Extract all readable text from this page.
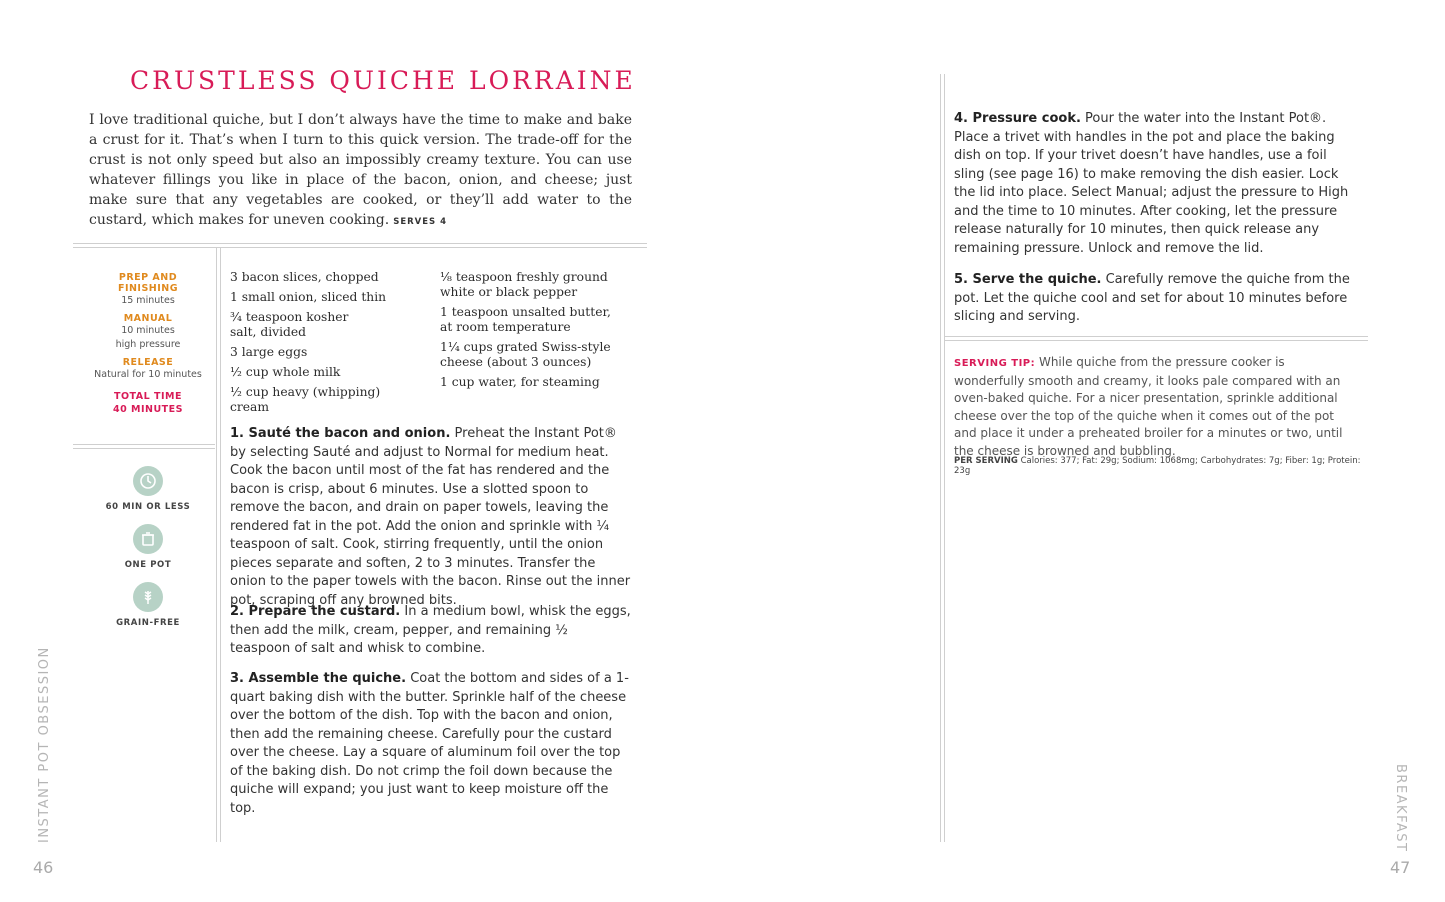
CRUSTLESS QUICHE LORRAINE
I love traditional quiche, but I don’t always have the time to make and bake a crust for it. That’s when I turn to this quick version. The trade-off for the crust is not only speed but also an impossibly creamy texture. You can use whatever fillings you like in place of the bacon, onion, and cheese; just make sure that any vegetables are cooked, or they’ll add water to the custard, which makes for uneven cooking. SERVES 4
PREP AND FINISHING
15 minutes
MANUAL
10 minutes
high pressure
RELEASE
Natural for 10 minutes
TOTAL TIME
40 MINUTES
60 MIN OR LESS
ONE POT
GRAIN-FREE
3 bacon slices, chopped
1 small onion, sliced thin
¾ teaspoon kosher salt, divided
3 large eggs
½ cup whole milk
½ cup heavy (whipping) cream
⅛ teaspoon freshly ground white or black pepper
1 teaspoon unsalted butter, at room temperature
1¼ cups grated Swiss-style cheese (about 3 ounces)
1 cup water, for steaming
1. Sauté the bacon and onion. Preheat the Instant Pot® by selecting Sauté and adjust to Normal for medium heat. Cook the bacon until most of the fat has rendered and the bacon is crisp, about 6 minutes. Use a slotted spoon to remove the bacon, and drain on paper towels, leaving the rendered fat in the pot. Add the onion and sprinkle with ¼ teaspoon of salt. Cook, stirring frequently, until the onion pieces separate and soften, 2 to 3 minutes. Transfer the onion to the paper towels with the bacon. Rinse out the inner pot, scraping off any browned bits.
2. Prepare the custard. In a medium bowl, whisk the eggs, then add the milk, cream, pepper, and remaining ½ teaspoon of salt and whisk to combine.
3. Assemble the quiche. Coat the bottom and sides of a 1-quart baking dish with the butter. Sprinkle half of the cheese over the bottom of the dish. Top with the bacon and onion, then add the remaining cheese. Carefully pour the custard over the cheese. Lay a square of aluminum foil over the top of the baking dish. Do not crimp the foil down because the quiche will expand; you just want to keep moisture off the top.
INSTANT POT OBSESSION
46
4. Pressure cook. Pour the water into the Instant Pot®. Place a trivet with handles in the pot and place the baking dish on top. If your trivet doesn’t have handles, use a foil sling (see page 16) to make removing the dish easier. Lock the lid into place. Select Manual; adjust the pressure to High and the time to 10 minutes. After cooking, let the pressure release naturally for 10 minutes, then quick release any remaining pressure. Unlock and remove the lid.
5. Serve the quiche. Carefully remove the quiche from the pot. Let the quiche cool and set for about 10 minutes before slicing and serving.
SERVING TIP: While quiche from the pressure cooker is wonderfully smooth and creamy, it looks pale compared with an oven-baked quiche. For a nicer presentation, sprinkle additional cheese over the top of the quiche when it comes out of the pot and place it under a preheated broiler for a minutes or two, until the cheese is browned and bubbling.
PER SERVING Calories: 377; Fat: 29g; Sodium: 1068mg; Carbohydrates: 7g; Fiber: 1g; Protein: 23g
BREAKFAST
47
